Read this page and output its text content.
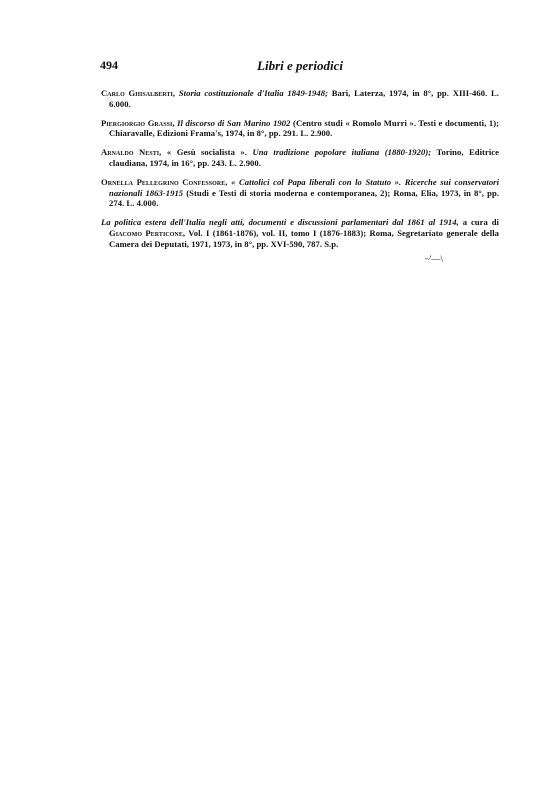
494	Libri e periodici

Carlo Ghisalberti, Storia costituzionale d'Italia 1849-1948; Bari, Laterza, 1974, in 8°, pp. XIII-460. L. 6.000.

Piergiorgio Grassi, Il discorso di San Marino 1902 (Centro studi « Romolo Murri ». Testi e documenti, 1); Chiaravalle, Edizioni Frama's, 1974, in 8°, pp. 291. L. 2.900.

Arnaldo Nesti, « Gesù socialista ». Una tradizione popolare italiana (1880-1920); Torino, Editrice claudiana, 1974, in 16°, pp. 243. L. 2.900.

Ornella Pellegrino Confessore, « Cattolici col Papa liberali con lo Statuto ». Ricerche sui conservatori nazionali 1863-1915 (Studi e Testi di storia moderna e contemporanea, 2); Roma, Elia, 1973, in 8°, pp. 274. L. 4.000.

La politica estera dell'Italia negli atti, documenti e discussioni parlamentari dal 1861 al 1914, a cura di Giacomo Perticone, Vol. I (1861-1876), vol. II, tomo I (1876-1883); Roma, Segretariato generale della Camera dei Deputati, 1971, 1973, in 8°, pp. XVI-590, 787. S.p.

~'—\
